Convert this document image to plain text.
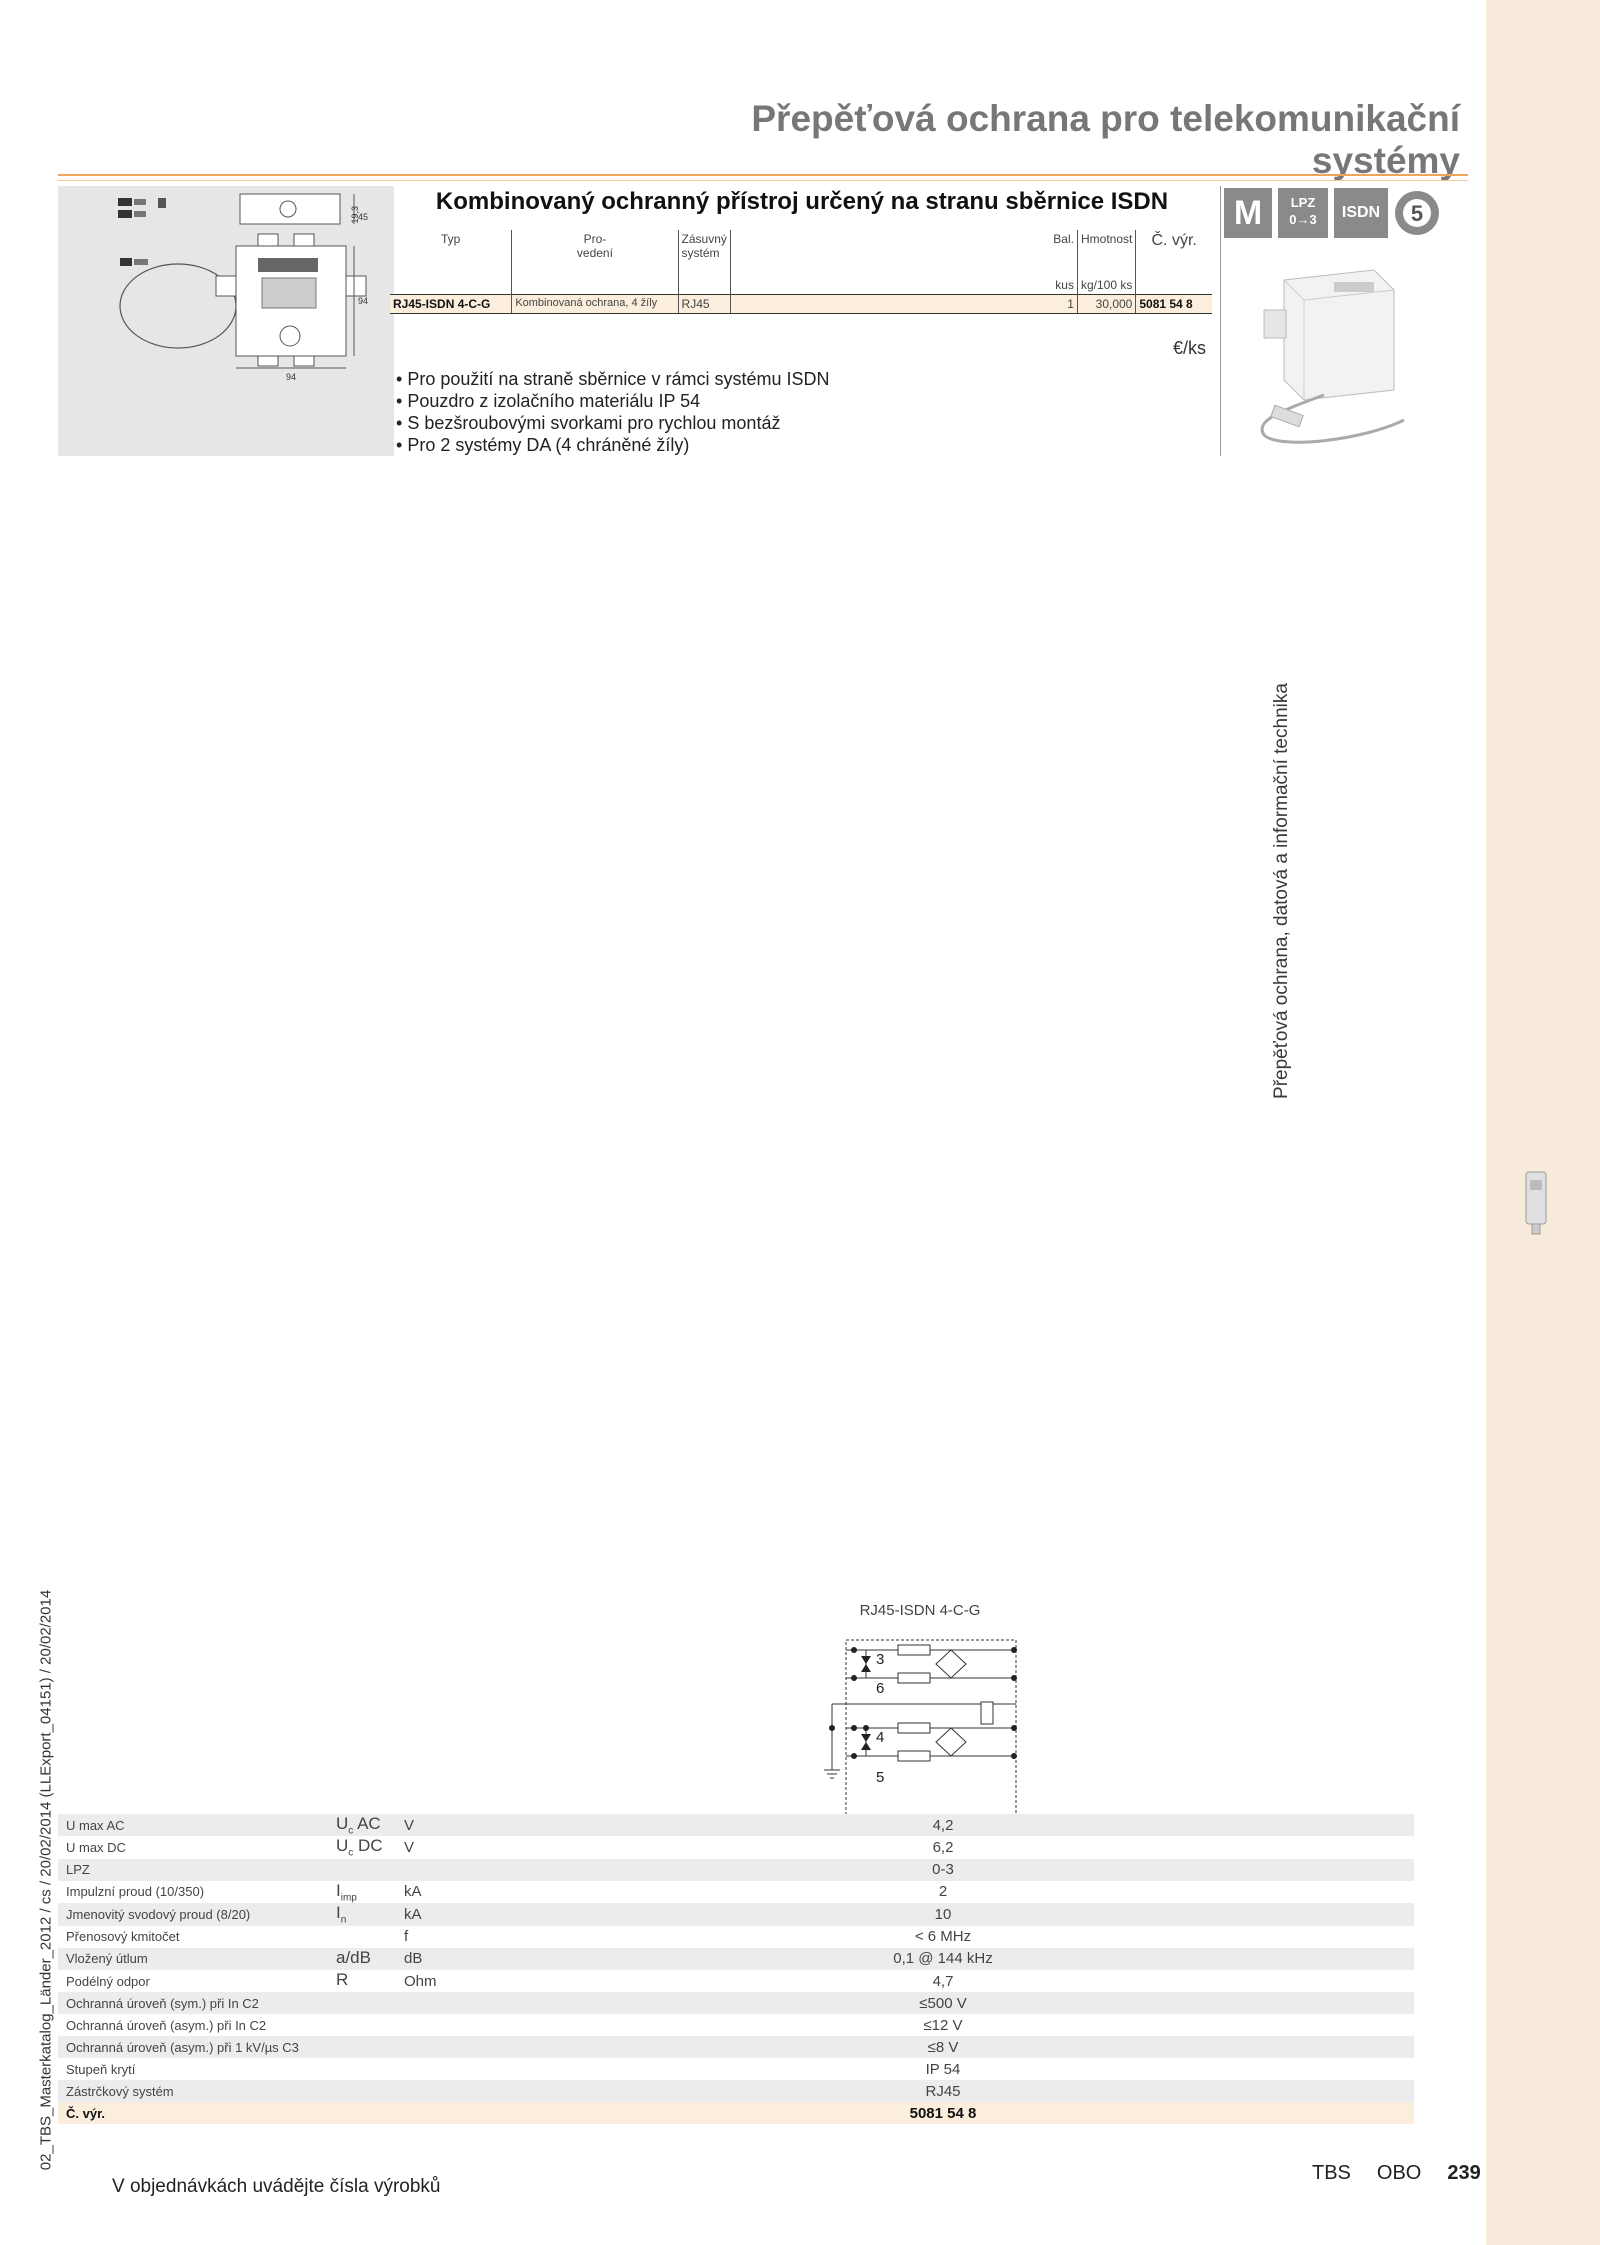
Přepěťová ochrana, datová a informační technika
Přepěťová ochrana pro telekomunikační systémy
19,3
45
94
94
Kombinovaný ochranný přístroj určený na stranu sběrnice ISDN
Typ	Pro-
vedení	Zásuvný
systém		Bal.	Hmotnost	Č. výr.
				kus	kg/100 ks	
RJ45-ISDN 4-C-G	Kombinovaná ochrana, 4 žíly	RJ45		1	30,000	5081 54 8
€/ks
• Pro použití na straně sběrnice v rámci systému ISDN
• Pouzdro z izolačního materiálu IP 54
• S bezšroubovými svorkami pro rychlou montáž
• Pro 2 systémy DA (4 chráněné žíly)
M	LPZ
0→3	ISDN	5
RJ45-ISDN 4-C-G
3
6
4
5
U max AC	$U_c$ AC	V	4,2
U max DC	$U_c$ DC	V	6,2
LPZ			0-3
Impulzní proud (10/350)	$I_{imp}$	kA	2
Jmenovitý svodový proud (8/20)	$I_n$	kA	10
Přenosový kmitočet		f	< 6 MHz
Vložený útlum	a/dB	dB	0,1 @ 144 kHz
Podélný odpor	R	Ohm	4,7
Ochranná úroveň (sym.) při In C2			≤500 V
Ochranná úroveň (asym.) při In C2			≤12 V
Ochranná úroveň (asym.) při 1 kV/µs C3			≤8 V
Stupeň krytí			IP 54
Zástrčkový systém			RJ45
Č. výr.			5081 54 8
02_TBS_Masterkatalog_Länder_2012 / cs / 20/02/2014 (LLExport_04151) / 20/02/2014
V objednávkách uvádějte čísla výrobků
TBS OBO 239
